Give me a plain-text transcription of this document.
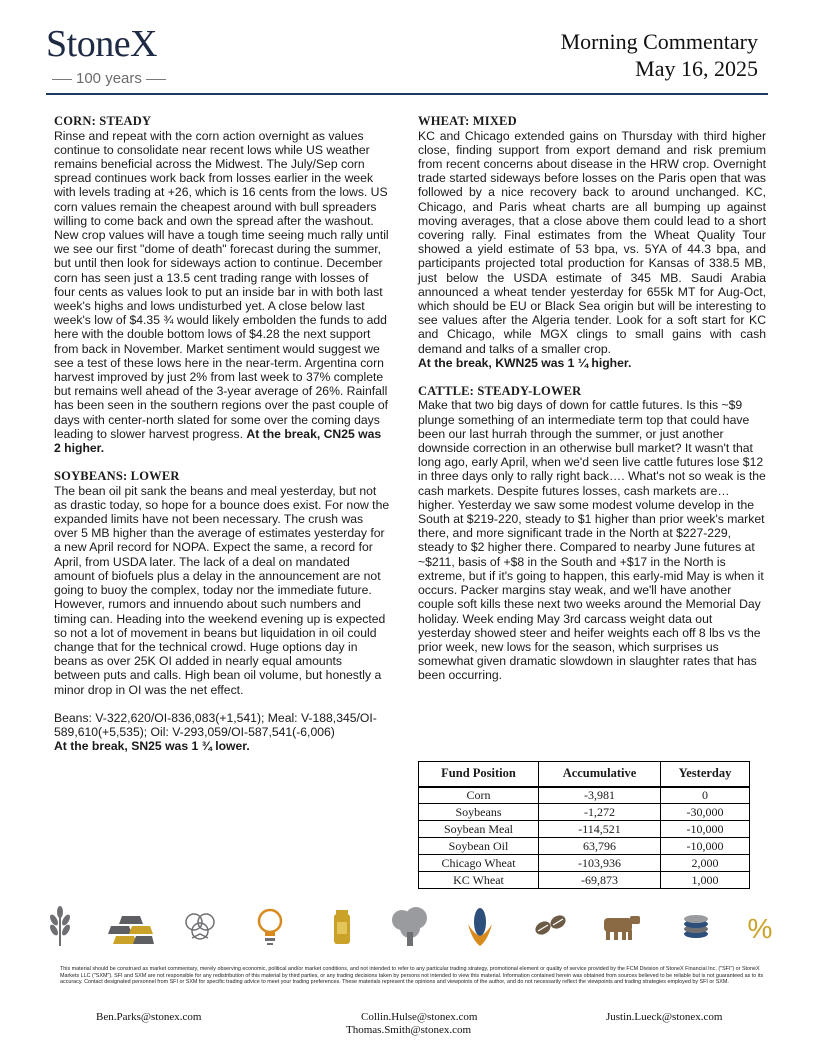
StoneX
100 years
Morning Commentary
May 16, 2025
CORN: STEADY
Rinse and repeat with the corn action overnight as values continue to consolidate near recent lows while US weather remains beneficial across the Midwest. The July/Sep corn spread continues work back from losses earlier in the week with levels trading at +26, which is 16 cents from the lows. US corn values remain the cheapest around with bull spreaders willing to come back and own the spread after the washout. New crop values will have a tough time seeing much rally until we see our first "dome of death" forecast during the summer, but until then look for sideways action to continue. December corn has seen just a 13.5 cent trading range with losses of four cents as values look to put an inside bar in with both last week's highs and lows undisturbed yet. A close below last week's low of $4.35 ¾ would likely embolden the funds to add here with the double bottom lows of $4.28 the next support from back in November. Market sentiment would suggest we see a test of these lows here in the near-term. Argentina corn harvest improved by just 2% from last week to 37% complete but remains well ahead of the 3-year average of 26%. Rainfall has been seen in the southern regions over the past couple of days with center-north slated for some over the coming days leading to slower harvest progress. At the break, CN25 was 2 higher.
SOYBEANS: LOWER
The bean oil pit sank the beans and meal yesterday, but not as drastic today, so hope for a bounce does exist. For now the expanded limits have not been necessary. The crush was over 5 MB higher than the average of estimates yesterday for a new April record for NOPA. Expect the same, a record for April, from USDA later. The lack of a deal on mandated amount of biofuels plus a delay in the announcement are not going to buoy the complex, today nor the immediate future. However, rumors and innuendo about such numbers and timing can. Heading into the weekend evening up is expected so not a lot of movement in beans but liquidation in oil could change that for the technical crowd. Huge options day in beans as over 25K OI added in nearly equal amounts between puts and calls. High bean oil volume, but honestly a minor drop in OI was the net effect.
Beans: V-322,620/OI-836,083(+1,541); Meal: V-188,345/OI-589,610(+5,535); Oil: V-293,059/OI-587,541(-6,006)
At the break, SN25 was 1 ¾ lower.
WHEAT: MIXED
KC and Chicago extended gains on Thursday with third higher close, finding support from export demand and risk premium from recent concerns about disease in the HRW crop. Overnight trade started sideways before losses on the Paris open that was followed by a nice recovery back to around unchanged. KC, Chicago, and Paris wheat charts are all bumping up against moving averages, that a close above them could lead to a short covering rally. Final estimates from the Wheat Quality Tour showed a yield estimate of 53 bpa, vs. 5YA of 44.3 bpa, and participants projected total production for Kansas of 338.5 MB, just below the USDA estimate of 345 MB. Saudi Arabia announced a wheat tender yesterday for 655k MT for Aug-Oct, which should be EU or Black Sea origin but will be interesting to see values after the Algeria tender. Look for a soft start for KC and Chicago, while MGX clings to small gains with cash demand and talks of a smaller crop.
At the break, KWN25 was 1 ¼ higher.
CATTLE: STEADY-LOWER
Make that two big days of down for cattle futures. Is this ~$9 plunge something of an intermediate term top that could have been our last hurrah through the summer, or just another downside correction in an otherwise bull market? It wasn't that long ago, early April, when we'd seen live cattle futures lose $12 in three days only to rally right back…. What's not so weak is the cash markets. Despite futures losses, cash markets are… higher. Yesterday we saw some modest volume develop in the South at $219-220, steady to $1 higher than prior week's market there, and more significant trade in the North at $227-229, steady to $2 higher there. Compared to nearby June futures at ~$211, basis of +$8 in the South and +$17 in the North is extreme, but if it's going to happen, this early-mid May is when it occurs. Packer margins stay weak, and we'll have another couple soft kills these next two weeks around the Memorial Day holiday. Week ending May 3rd carcass weight data out yesterday showed steer and heifer weights each off 8 lbs vs the prior week, new lows for the season, which surprises us somewhat given dramatic slowdown in slaughter rates that has been occurring.
Fund Position	Accumulative	Yesterday
Corn	-3,981	0
Soybeans	-1,272	-30,000
Soybean Meal	-114,521	-10,000
Soybean Oil	63,796	-10,000
Chicago Wheat	-103,936	2,000
KC Wheat	-69,873	1,000
%
This material should be construed as market commentary, merely observing economic, political and/or market conditions, and not intended to refer to any particular trading strategy, promotional element or quality of service provided by the FCM Division of StoneX Financial Inc. ("SFI") or StoneX Markets LLC ("SXM"). SFI and SXM are not responsible for any redistribution of this material by third parties, or any trading decisions taken by persons not intended to view this material. Information contained herein was obtained from sources believed to be reliable but is not guaranteed as to its accuracy. Contact designated personnel from SFI or SXM for specific trading advice to meet your trading preferences. These materials represent the opinions and viewpoints of the author, and do not necessarily reflect the viewpoints and trading strategies employed by SFI or SXM.
Ben.Parks@stonex.com	Collin.Hulse@stonex.com
Thomas.Smith@stonex.com
Justin.Lueck@stonex.com
